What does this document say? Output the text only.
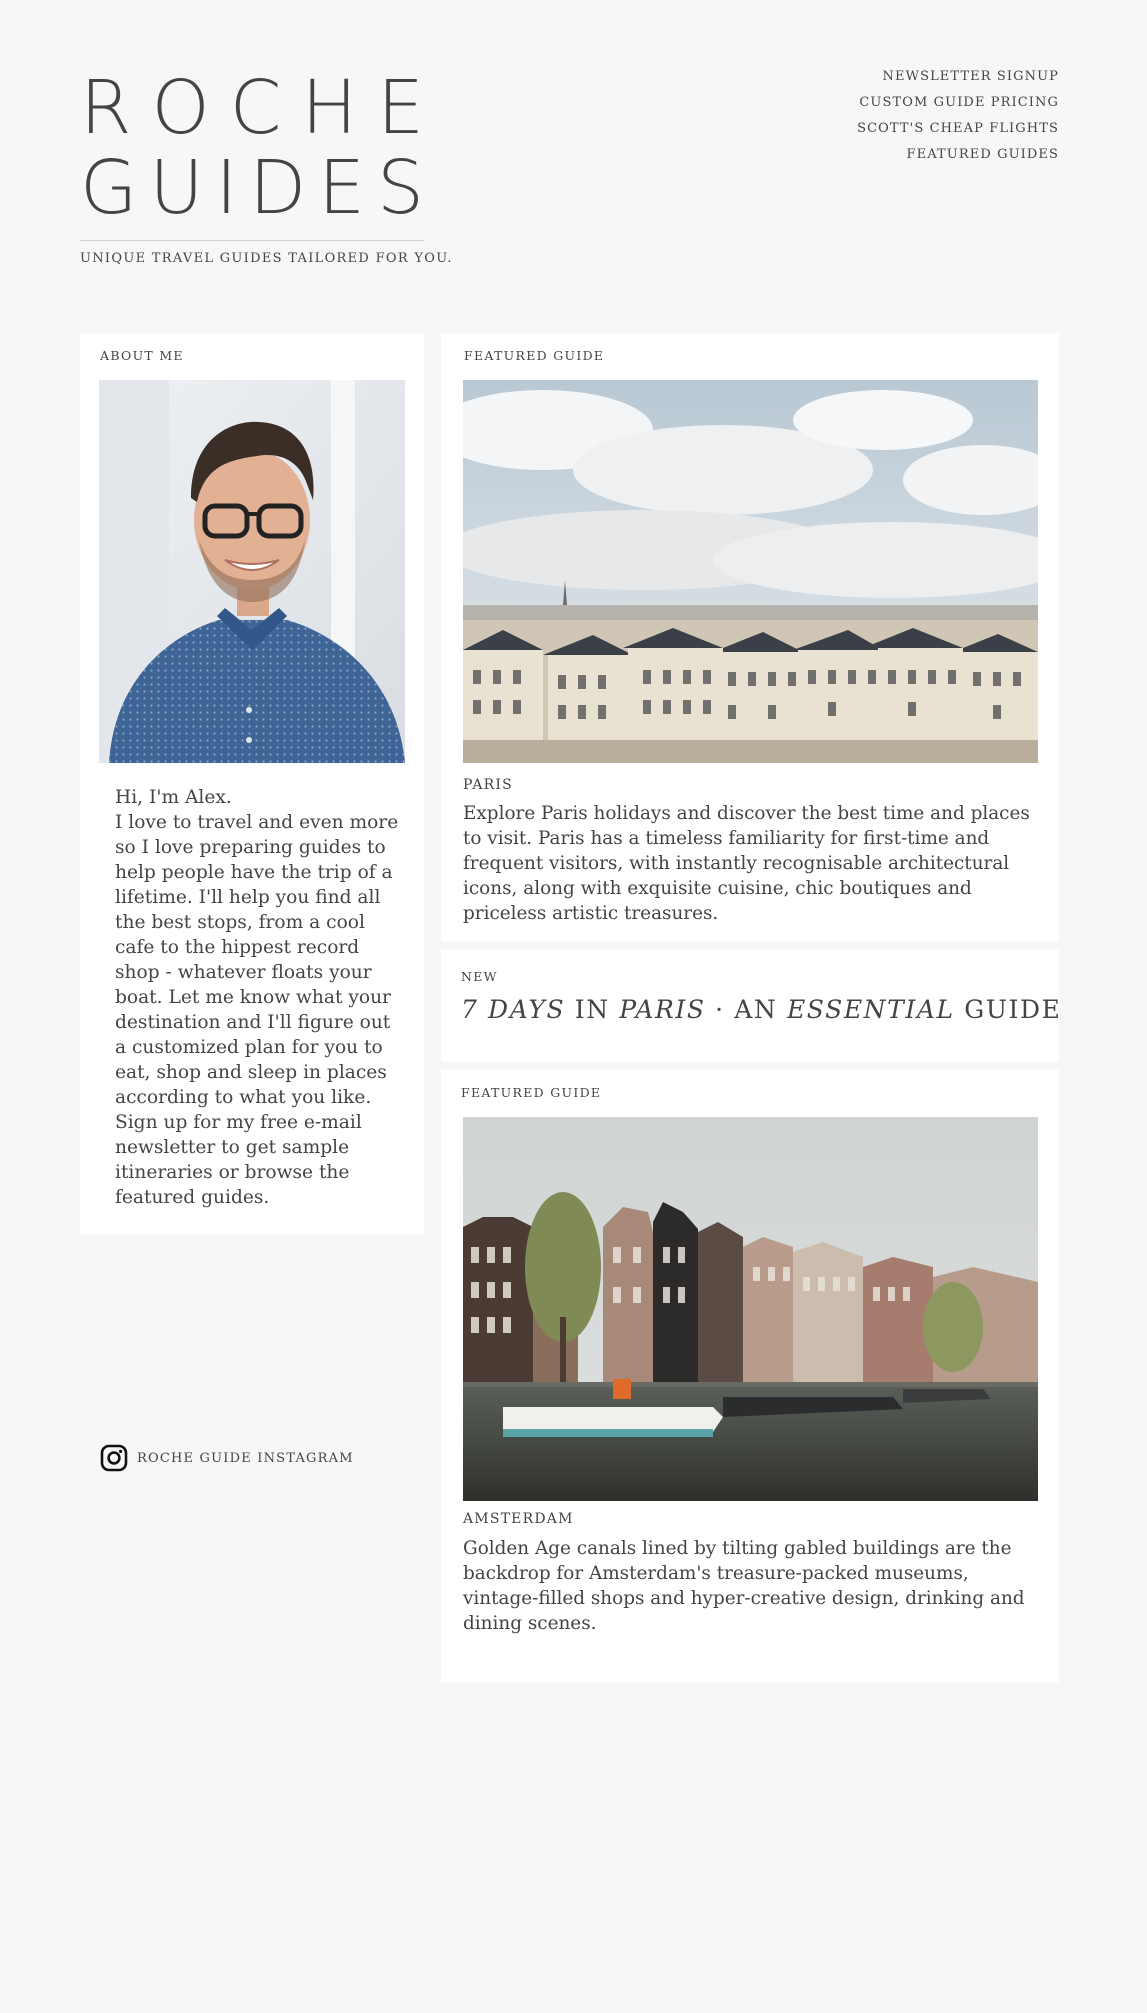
R O C H E
G U I D E S
UNIQUE TRAVEL GUIDES TAILORED FOR YOU.
NEWSLETTER SIGNUP
CUSTOM GUIDE PRICING
SCOTT'S CHEAP FLIGHTS
FEATURED GUIDES
ABOUT ME
Hi, I'm Alex.
I love to travel and even more so I love preparing guides to help people have the trip of a lifetime. I'll help you find all the best stops, from a cool cafe to the hippest record shop - whatever floats your boat. Let me know what your destination and I'll figure out a customized plan for you to eat, shop and sleep in places according to what you like. Sign up for my free e-mail newsletter to get sample itineraries or browse the featured guides.
FEATURED GUIDE
PARIS
Explore Paris holidays and discover the best time and places to visit. Paris has a timeless familiarity for first-time and frequent visitors, with instantly recognisable architectural icons, along with exquisite cuisine, chic boutiques and priceless artistic treasures.
NEW
7 DAYS IN PARIS · AN ESSENTIAL GUIDE
FEATURED GUIDE
AMSTERDAM
Golden Age canals lined by tilting gabled buildings are the backdrop for Amsterdam's treasure-packed museums, vintage-filled shops and hyper-creative design, drinking and dining scenes.
ROCHE GUIDE INSTAGRAM
